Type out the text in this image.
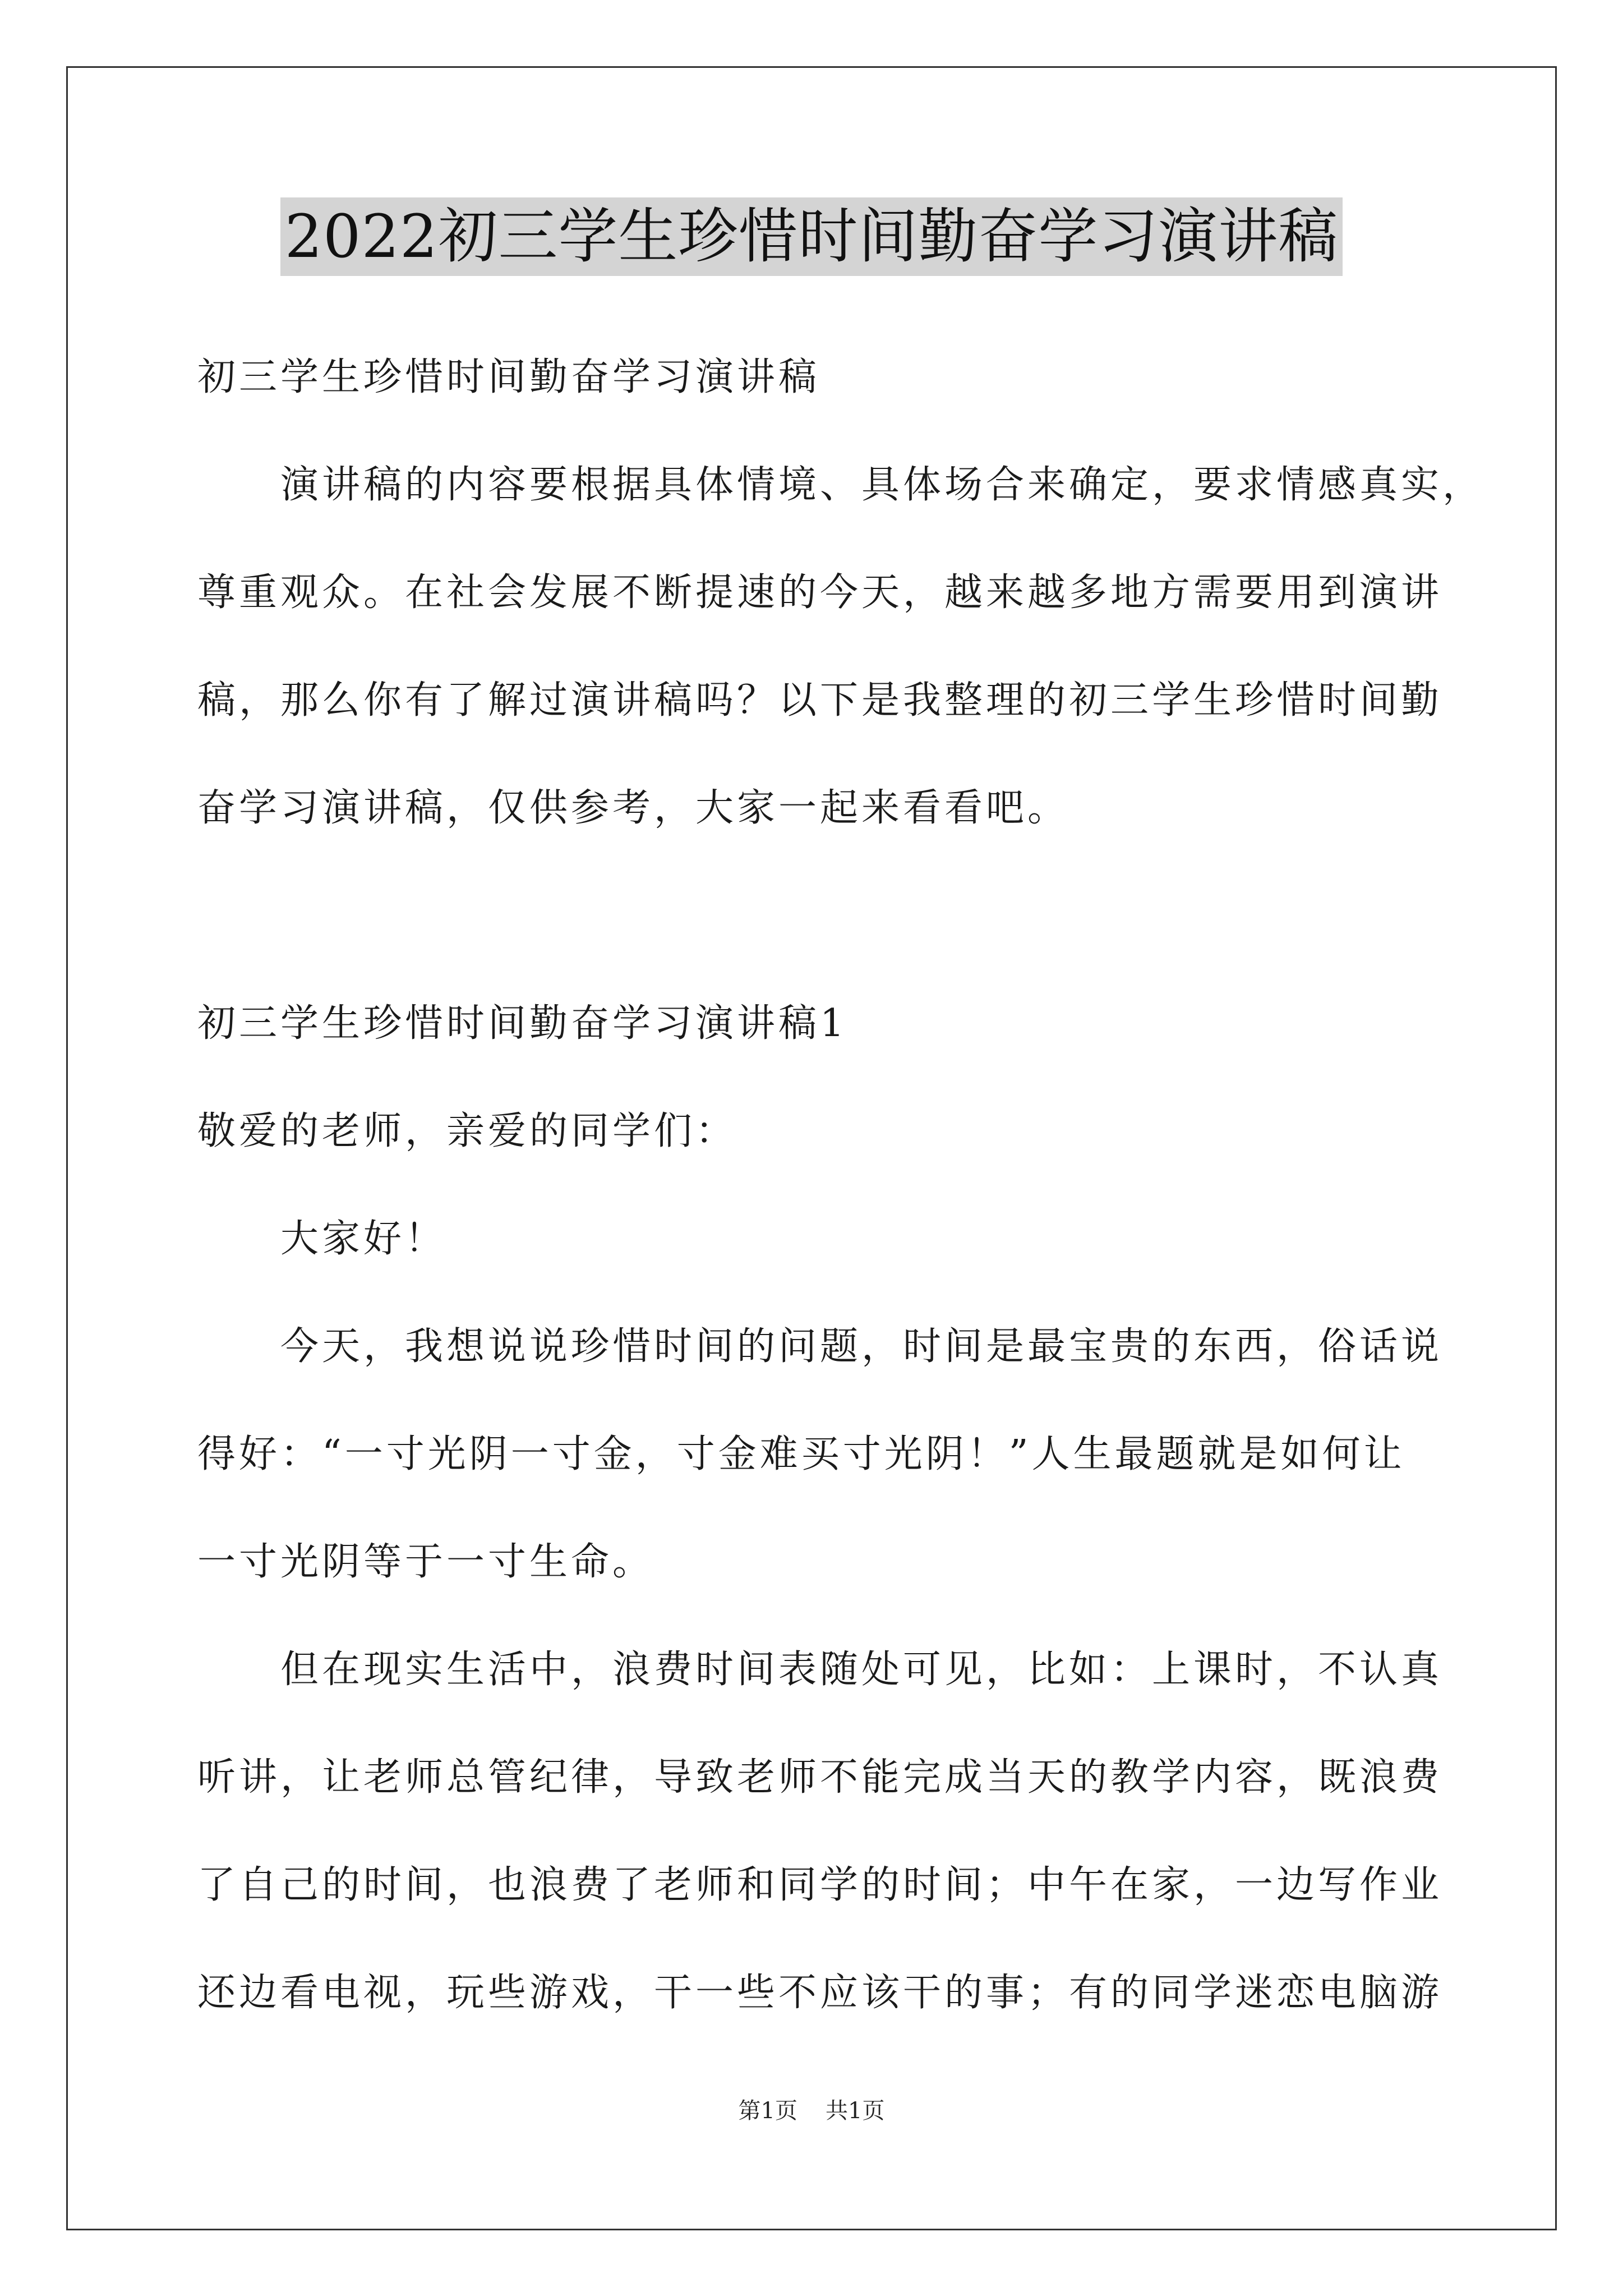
2022初三学生珍惜时间勤奋学习演讲稿
初三学生珍惜时间勤奋学习演讲稿
　　演讲稿的内容要根据具体情境、具体场合来确定，要求情感真实，
尊重观众。在社会发展不断提速的今天，越来越多地方需要用到演讲
稿，那么你有了解过演讲稿吗？以下是我整理的初三学生珍惜时间勤
奋学习演讲稿，仅供参考，大家一起来看看吧。
初三学生珍惜时间勤奋学习演讲稿1
敬爱的老师，亲爱的同学们：
　　大家好！
　　今天，我想说说珍惜时间的问题，时间是最宝贵的东西，俗话说
得好：“一寸光阴一寸金，寸金难买寸光阴！”人生最题就是如何让
一寸光阴等于一寸生命。
　　但在现实生活中，浪费时间表随处可见，比如：上课时，不认真
听讲，让老师总管纪律，导致老师不能完成当天的教学内容，既浪费
了自己的时间，也浪费了老师和同学的时间；中午在家，一边写作业
还边看电视，玩些游戏，干一些不应该干的事；有的同学迷恋电脑游
第1页 共1页
